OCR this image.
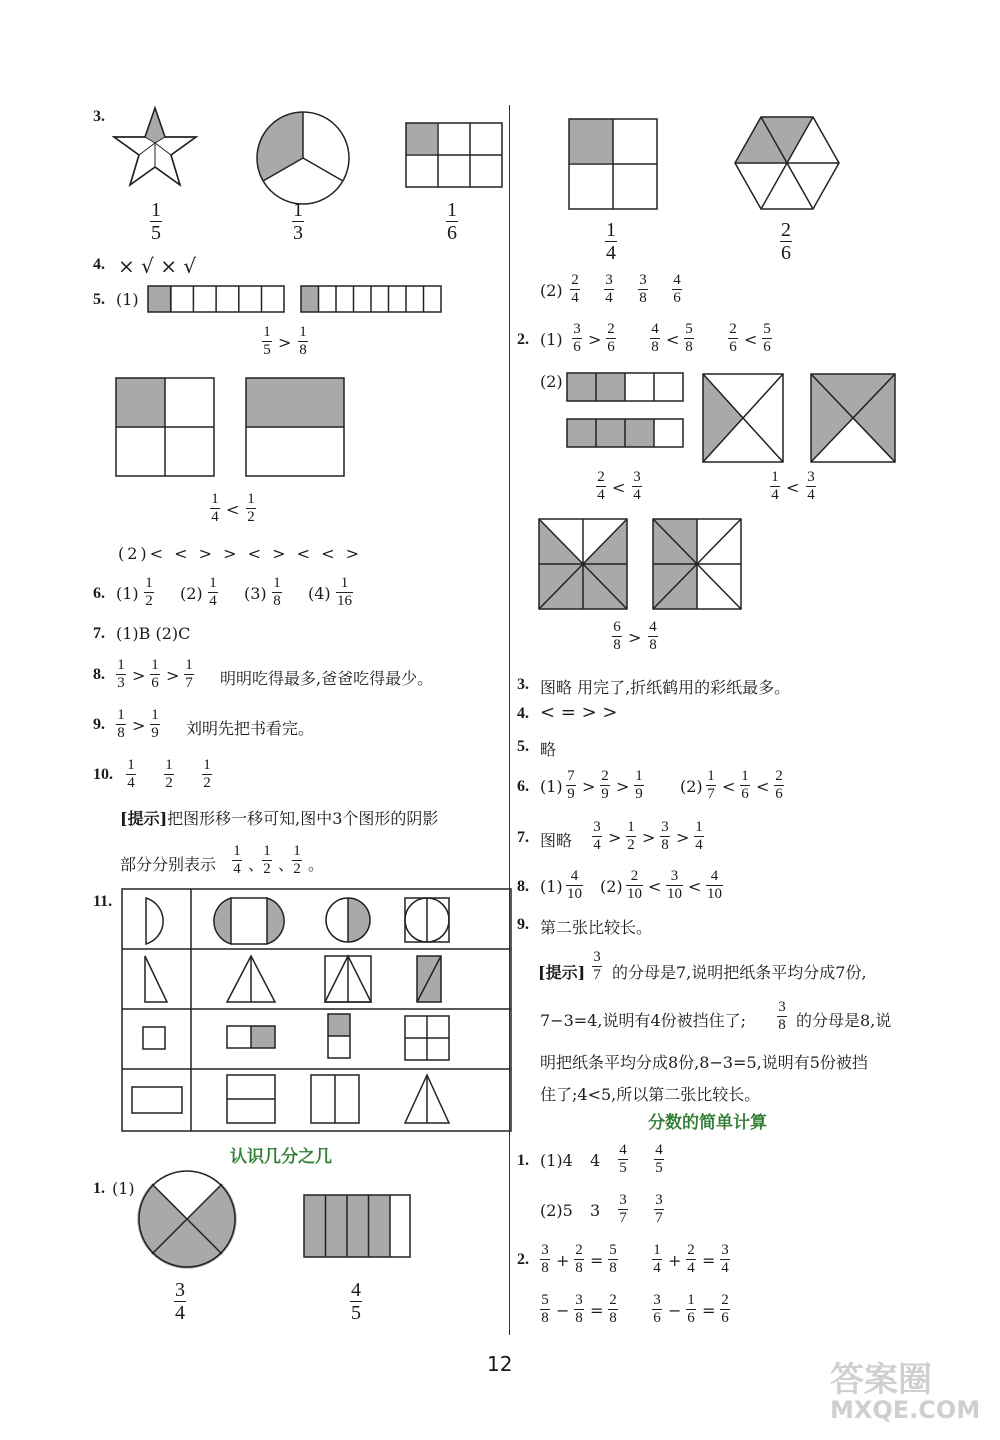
3.
1
5
1
3
1
6
4. × √ × √
5. (1)
1
5 >
1
8
1
4 <
1
2
(2)< < > > < > < < >
6. (1)
1
2 (2)
1
4 (3)
1
8 (4)
1
16
7. (1)B (2)C
8.
1
3 >
1
6 >
1
7 明明吃得最多,爸爸吃得最少。
9.
1
8 >
1
9 刘明先把书看完。
10.
1
4
1
2
1
2
[提示]把图形移一移可知,图中3个图形的阴影
部分分别表示
1
4 、
1
2 、
1
2 。
11.
认识几分之几
1. (1)
3
4
4
5
1
4
2
6
(2)
2
4
3
4
3
8
4
6
2. (1)
3
6 >
2
6
4
8 <
5
8
2
6 <
5
6
(2)
2
4 <
3
4
1
4 <
3
4
6
8 >
4
8
3. 图略 用完了,折纸鹤用的彩纸最多。
4. < = > >
5. 略
6. (1)
7
9 >
2
9 >
1
9 (2)
1
7 <
1
6 <
2
6
7. 图略
3
4 >
1
2 >
3
8 >
1
4
8. (1)
4
10 (2)
2
10 <
3
10 <
4
10
9. 第二张比较长。
[提示]
3
7 的分母是7,说明把纸条平均分成7份,
7−3=4,说明有4份被挡住了;
3
8 的分母是8,说
明把纸条平均分成8份,8−3=5,说明有5份被挡
住了;4<5,所以第二张比较长。
分数的简单计算
1. (1)4 4
4
5
4
5
(2)5 3
3
7
3
7
2.
3
8 +
2
8 =
5
8
1
4 +
2
4 =
3
4
5
8 −
3
8 =
2
8
3
6 −
1
6 =
2
6
12	答案圈
MXQE.COM
